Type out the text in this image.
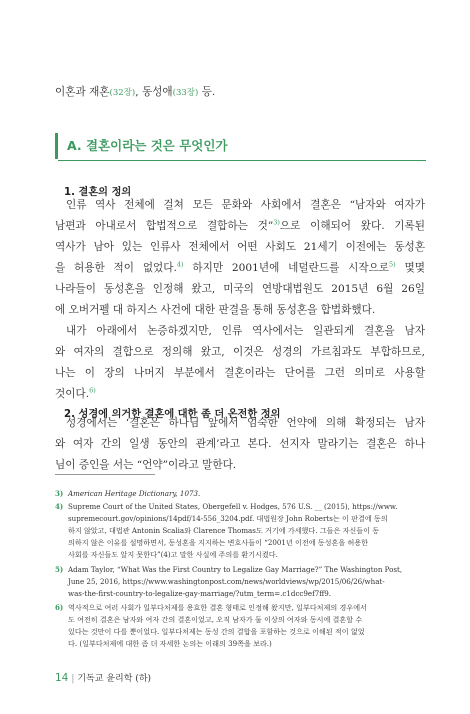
이혼과 재혼(32장), 동성애(33장) 등.
A. 결혼이라는 것은 무엇인가
1. 결혼의 정의
인류 역사 전체에 걸쳐 모든 문화와 사회에서 결혼은 “남자와 여자가
남편과 아내로서 합법적으로 결합하는 것”$^{3)}$으로 이해되어 왔다. 기록된
역사가 남아 있는 인류사 전체에서 어떤 사회도 21세기 이전에는 동성혼
을 허용한 적이 없었다.$^{4)}$ 하지만 2001년에 네덜란드를 시작으로$^{5)}$ 몇몇
나라들이 동성혼을 인정해 왔고, 미국의 연방대법원도 2015년 6월 26일
에 오버거펠 대 하지스 사건에 대한 판결을 통해 동성혼을 합법화했다.
내가 아래에서 논증하겠지만, 인류 역사에서는 일관되게 결혼을 남자
와 여자의 결합으로 정의해 왔고, 이것은 성경의 가르침과도 부합하므로,
나는 이 장의 나머지 부분에서 결혼이라는 단어를 그런 의미로 사용할
것이다.$^{6)}$
2. 성경에 의거한 결혼에 대한 좀 더 온전한 정의
성경에서는 ‘결혼은 하나님 앞에서 엄숙한 언약에 의해 확정되는 남자
와 여자 간의 일생 동안의 관계’라고 본다. 선지자 말라기는 결혼은 하나
님이 증인을 서는 “언약”이라고 말한다.
3) American Heritage Dictionary, 1073.
4) Supreme Court of the United States, Obergefell v. Hodges, 576 U.S. __ (2015), https://www.
supremecourt.gov/opinions/14pdf/14-556_3204.pdf. 대법원장 John Roberts는 이 판결에 동의
하지 않았고, 대법관 Antonin Scalia와 Clarence Thomas도 거기에 가세했다. 그들은 자신들이 동
의하지 않은 이유를 설명하면서, 동성혼을 지지하는 변호사들이 “2001년 이전에 동성혼을 허용한
사회를 자신들도 알지 못한다”(4)고 말한 사실에 주의를 환기시켰다.
5) Adam Taylor, “What Was the First Country to Legalize Gay Marriage?” The Washington Post,
June 25, 2016, https://www.washingtonpost.com/news/worldviews/wp/2015/06/26/what-
was-the-first-country-to-legalize-gay-marriage/?utm_term=.c1dcc9ef7ff9.
6) 역사적으로 여러 사회가 일부다처제를 용효한 결혼 형태로 인정해 왔지만, 일부다처제의 경우에서
도 여전히 결혼은 남자와 여자 간의 결혼이었고, 오직 남자가 둘 이상의 여자와 동시에 결혼할 수
있다는 것만이 다를 뿐이었다. 일부다처제는 동성 간의 결합을 포함하는 것으로 이해된 적이 없었
다. (일부다처제에 대한 좀 더 자세한 논의는 이래의 39쪽을 보라.)
14 | 기독교 윤리학 (하)
